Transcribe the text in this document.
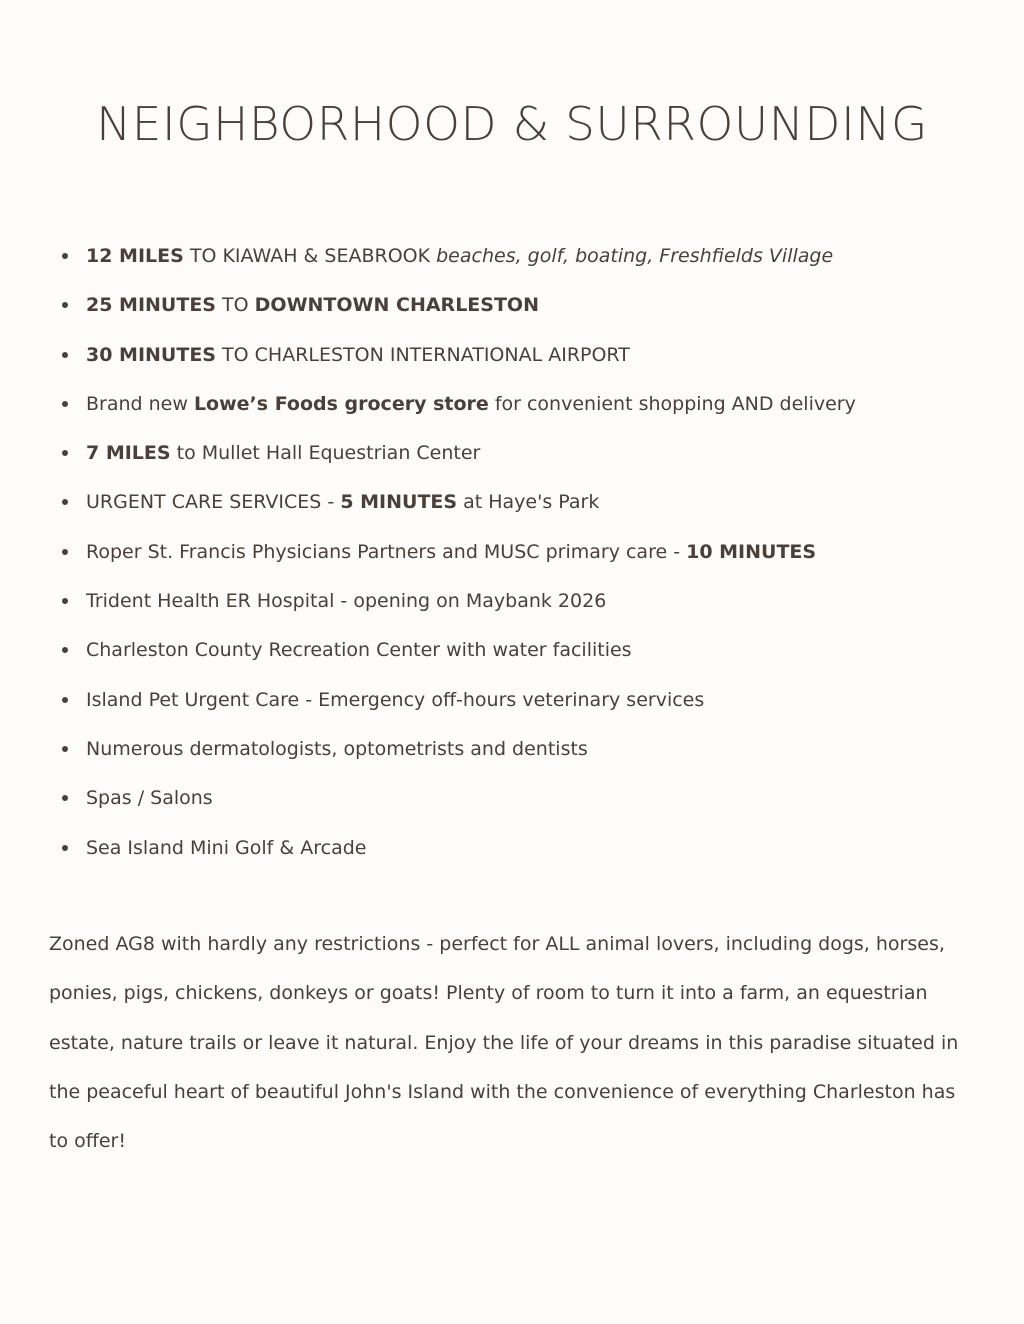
NEIGHBORHOOD & SURROUNDING
12 MILES TO KIAWAH & SEABROOK beaches, golf, boating, Freshfields Village
25 MINUTES TO DOWNTOWN CHARLESTON
30 MINUTES TO CHARLESTON INTERNATIONAL AIRPORT
Brand new Lowe’s Foods grocery store for convenient shopping AND delivery
7 MILES to Mullet Hall Equestrian Center
URGENT CARE SERVICES - 5 MINUTES at Haye's Park
Roper St. Francis Physicians Partners and MUSC primary care - 10 MINUTES
Trident Health ER Hospital - opening on Maybank 2026
Charleston County Recreation Center with water facilities
Island Pet Urgent Care - Emergency off-hours veterinary services
Numerous dermatologists, optometrists and dentists
Spas / Salons
Sea Island Mini Golf & Arcade

Zoned AG8 with hardly any restrictions - perfect for ALL animal lovers, including dogs, horses, ponies, pigs, chickens, donkeys or goats! Plenty of room to turn it into a farm, an equestrian estate, nature trails or leave it natural. Enjoy the life of your dreams in this paradise situated in the peaceful heart of beautiful John's Island with the convenience of everything Charleston has to offer!
